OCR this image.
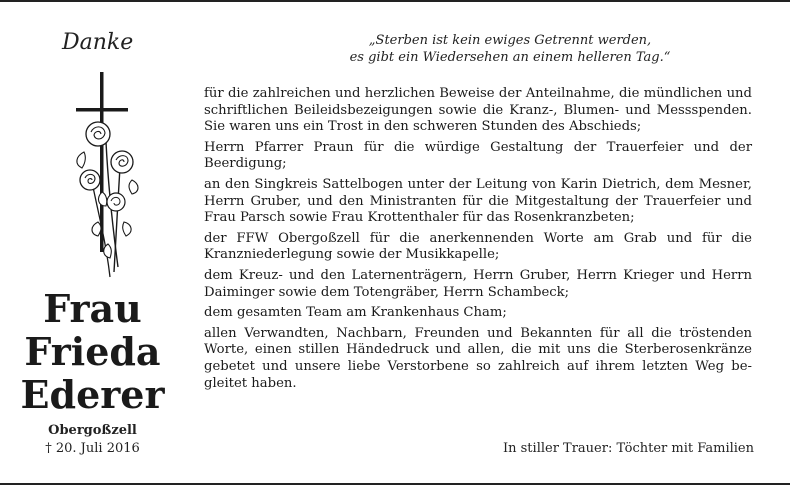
Danke	„Sterben ist kein ewiges Getrennt werden,
es gibt ein Wiedersehen an einem helleren Tag.“
Frau
Frieda
Ederer
Obergoßzell
† 20. Juli 2016

für die zahlreichen und herzlichen Beweise der Anteilnahme, die mündlichen und schriftlichen Beileidsbezeigungen sowie die Kranz-, Blumen- und Messspenden. Sie waren uns ein Trost in den schweren Stunden des Abschieds;

Herrn Pfarrer Praun für die würdige Gestaltung der Trauerfeier und der Beerdigung;

an den Singkreis Sattelbogen unter der Leitung von Karin Dietrich, dem Mesner, Herrn Gruber, und den Ministranten für die Mitgestaltung der Trauerfeier und Frau Parsch sowie Frau Krottenthaler für das Rosenkranzbeten;

der FFW Obergoßzell für die anerkennenden Worte am Grab und für die Kranzniederlegung sowie der Musikkapelle;

dem Kreuz- und den Laternenträgern, Herrn Gruber, Herrn Krieger und Herrn Daiminger sowie dem Totengräber, Herrn Schambeck;

dem gesamten Team am Krankenhaus Cham;

allen Verwandten, Nachbarn, Freunden und Bekannten für all die tröstenden Worte, einen stillen Händedruck und allen, die mit uns die Sterberosenkränze gebetet und unsere liebe Verstorbene so zahlreich auf ihrem letzten Weg begleitet haben.

In stiller Trauer: Töchter mit Familien
